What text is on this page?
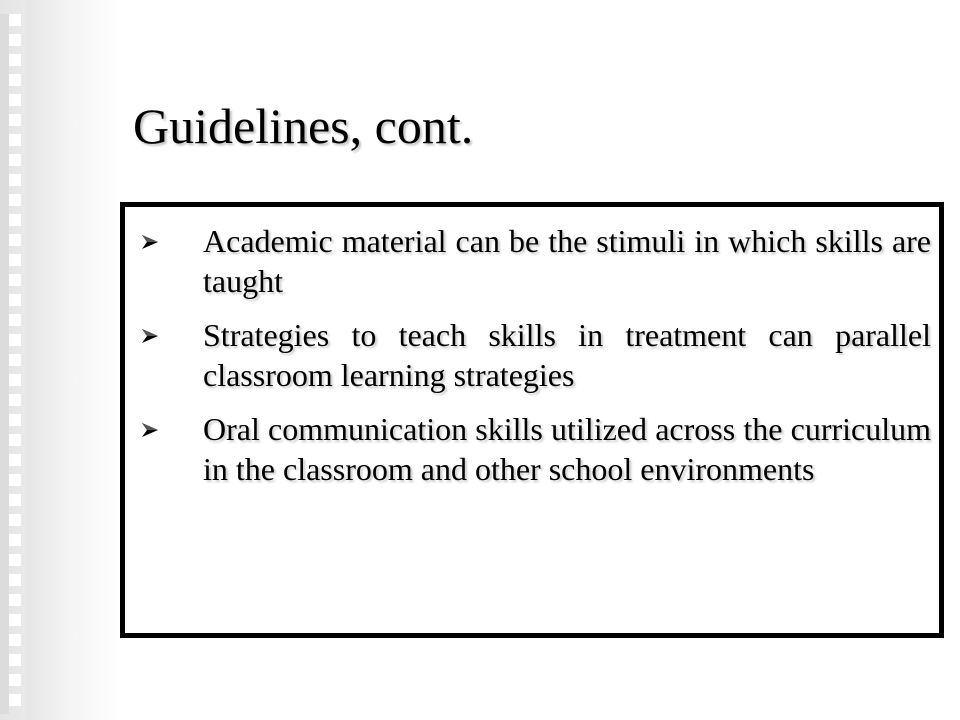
Guidelines, cont.
Academic material can be the stimuli in which skills are taught
Strategies to teach skills in treatment can parallel classroom learning strategies
Oral communication skills utilized across the curriculum in the classroom and other school environments
